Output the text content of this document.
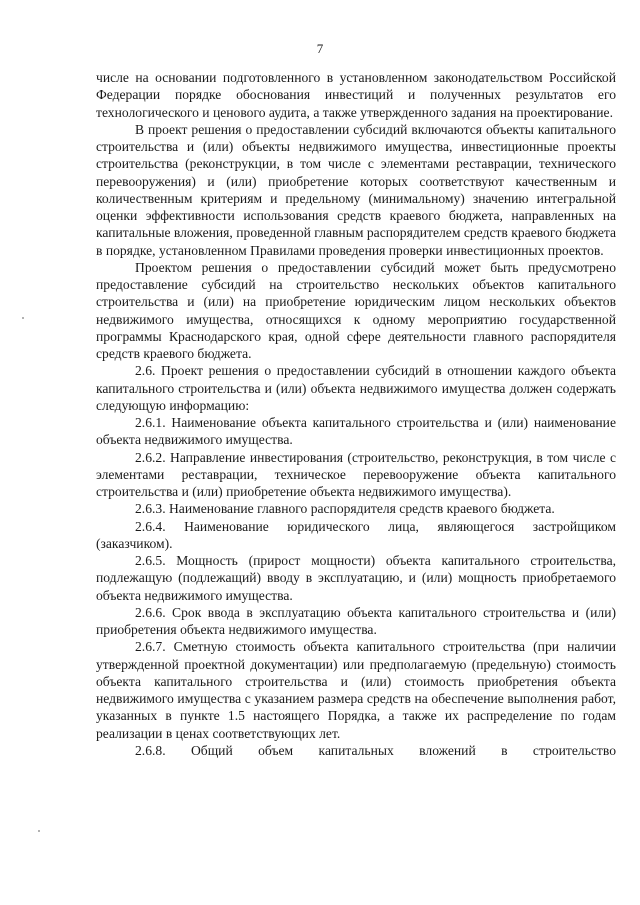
7

числе на основании подготовленного в установленном законодательством Российской Федерации порядке обоснования инвестиций и полученных результатов его технологического и ценового аудита, а также утвержденного задания на проектирование.

В проект решения о предоставлении субсидий включаются объекты капитального строительства и (или) объекты недвижимого имущества, инвестиционные проекты строительства (реконструкции, в том числе с элементами реставрации, технического перевооружения) и (или) приобретение которых соответствуют качественным и количественным критериям и предельному (минимальному) значению интегральной оценки эффективности использования средств краевого бюджета, направленных на капитальные вложения, проведенной главным распорядителем средств краевого бюджета в порядке, установленном Правилами проведения проверки инвестиционных проектов.

Проектом решения о предоставлении субсидий может быть предусмотрено предоставление субсидий на строительство нескольких объектов капитального строительства и (или) на приобретение юридическим лицом нескольких объектов недвижимого имущества, относящихся к одному мероприятию государственной программы Краснодарского края, одной сфере деятельности главного распорядителя средств краевого бюджета.

2.6. Проект решения о предоставлении субсидий в отношении каждого объекта капитального строительства и (или) объекта недвижимого имущества должен содержать следующую информацию:

2.6.1. Наименование объекта капитального строительства и (или) наименование объекта недвижимого имущества.

2.6.2. Направление инвестирования (строительство, реконструкция, в том числе с элементами реставрации, техническое перевооружение объекта капитального строительства и (или) приобретение объекта недвижимого имущества).

2.6.3. Наименование главного распорядителя средств краевого бюджета.

2.6.4. Наименование юридического лица, являющегося застройщиком (заказчиком).

2.6.5. Мощность (прирост мощности) объекта капитального строительства, подлежащую (подлежащий) вводу в эксплуатацию, и (или) мощность приобретаемого объекта недвижимого имущества.

2.6.6. Срок ввода в эксплуатацию объекта капитального строительства и (или) приобретения объекта недвижимого имущества.

2.6.7. Сметную стоимость объекта капитального строительства (при наличии утвержденной проектной документации) или предполагаемую (предельную) стоимость объекта капитального строительства и (или) стоимость приобретения объекта недвижимого имущества с указанием размера средств на обеспечение выполнения работ, указанных в пункте 1.5 настоящего Порядка, а также их распределение по годам реализации в ценах соответствующих лет.

2.6.8. Общий объем капитальных вложений в строительство
